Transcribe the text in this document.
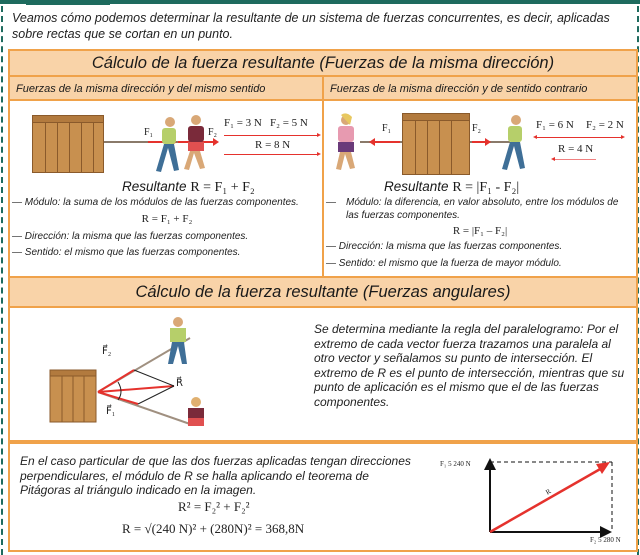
Veamos cómo podemos determinar la resultante de un sistema de fuerzas concurrentes, es decir, aplicadas sobre rectas que se cortan en un punto.
Cálculo de la fuerza resultante (Fuerzas de la misma dirección)
Fuerzas de la misma dirección y del mismo sentido	Fuerzas de la misma dirección y de sentido contrario
F₁	F₂
F₁ = 3 N F₂ = 5 N
R = 8 N
Resultante R = F₁ + F₂
— Módulo: la suma de los módulos de las fuerzas componentes.
R = F₁ + F₂
— Dirección: la misma que las fuerzas componentes.
— Sentido: el mismo que las fuerzas componentes.
F₁	F₂	F₁ = 6 N F₂ = 2 N
R = 4 N
Resultante R = |F₁ - F₂|
— Módulo: la diferencia, en valor absoluto, entre los módulos de las fuerzas componentes.
R = |F₁ – F₂|
— Dirección: la misma que las fuerzas componentes.
— Sentido: el mismo que la fuerza de mayor módulo.
Cálculo de la fuerza resultante (Fuerzas angulares)
F⃗₂
R⃗
F⃗₁
Se determina mediante la regla del paralelogramo: Por el extremo de cada vector fuerza trazamos una paralela al otro vector y señalamos su punto de intersección. El extremo de R es el punto de intersección, mientras que su punto de aplicación es el mismo que el de las fuerzas componentes.
En el caso particular de que las dos fuerzas aplicadas tengan direcciones perpendiculares, el módulo de R se halla aplicando el teorema de Pitágoras al triángulo indicado en la imagen.
R² = F₂² + F₂²
R = √(240 N)² + (280N)² = 368,8N
F₁ 5 240 N
R
F₂ 5 280 N
